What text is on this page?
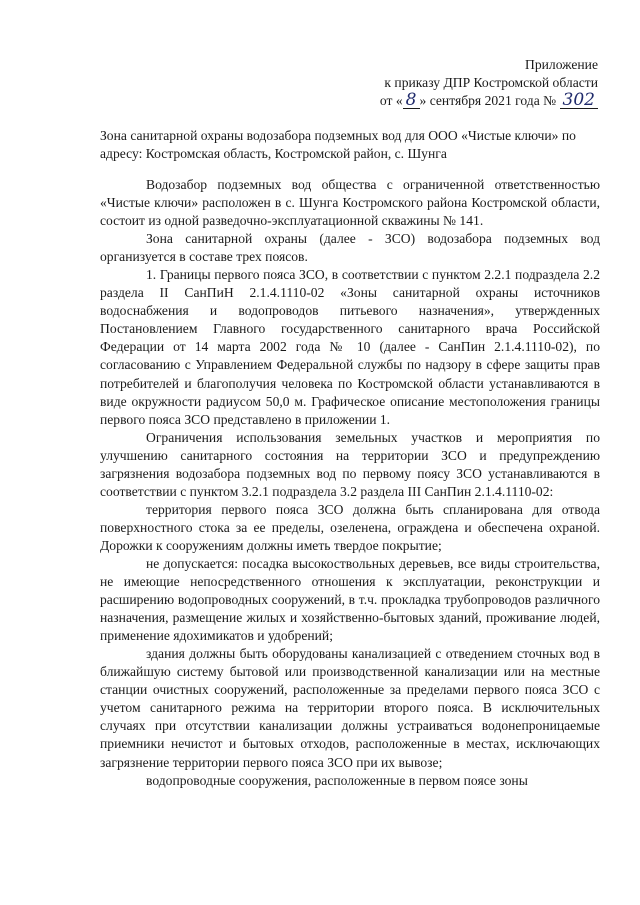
Приложение
к приказу ДПР Костромской области
от « 8 » сентября 2021 года № 302
Зона санитарной охраны водозабора подземных вод для ООО «Чистые ключи» по адресу: Костромская область, Костромской район, с. Шунга

Водозабор подземных вод общества с ограниченной ответственностью «Чистые ключи» расположен в с. Шунга Костромского района Костромской области, состоит из одной разведочно-эксплуатационной скважины № 141.

Зона санитарной охраны (далее - ЗСО) водозабора подземных вод организуется в составе трех поясов.

1. Границы первого пояса ЗСО, в соответствии с пунктом 2.2.1 подраздела 2.2 раздела II СанПиН 2.1.4.1110-02 «Зоны санитарной охраны источников водоснабжения и водопроводов питьевого назначения», утвержденных Постановлением Главного государственного санитарного врача Российской Федерации от 14 марта 2002 года № 10 (далее - СанПин 2.1.4.1110-02), по согласованию с Управлением Федеральной службы по надзору в сфере защиты прав потребителей и благополучия человека по Костромской области устанавливаются в виде окружности радиусом 50,0 м. Графическое описание местоположения границы первого пояса ЗСО представлено в приложении 1.

Ограничения использования земельных участков и мероприятия по улучшению санитарного состояния на территории ЗСО и предупреждению загрязнения водозабора подземных вод по первому поясу ЗСО устанавливаются в соответствии с пунктом 3.2.1 подраздела 3.2 раздела III СанПин 2.1.4.1110-02:

территория первого пояса ЗСО должна быть спланирована для отвода поверхностного стока за ее пределы, озеленена, ограждена и обеспечена охраной. Дорожки к сооружениям должны иметь твердое покрытие;

не допускается: посадка высокоствольных деревьев, все виды строительства, не имеющие непосредственного отношения к эксплуатации, реконструкции и расширению водопроводных сооружений, в т.ч. прокладка трубопроводов различного назначения, размещение жилых и хозяйственно-бытовых зданий, проживание людей, применение ядохимикатов и удобрений;

здания должны быть оборудованы канализацией с отведением сточных вод в ближайшую систему бытовой или производственной канализации или на местные станции очистных сооружений, расположенные за пределами первого пояса ЗСО с учетом санитарного режима на территории второго пояса. В исключительных случаях при отсутствии канализации должны устраиваться водонепроницаемые приемники нечистот и бытовых отходов, расположенные в местах, исключающих загрязнение территории первого пояса ЗСО при их вывозе;

водопроводные сооружения, расположенные в первом поясе зоны
